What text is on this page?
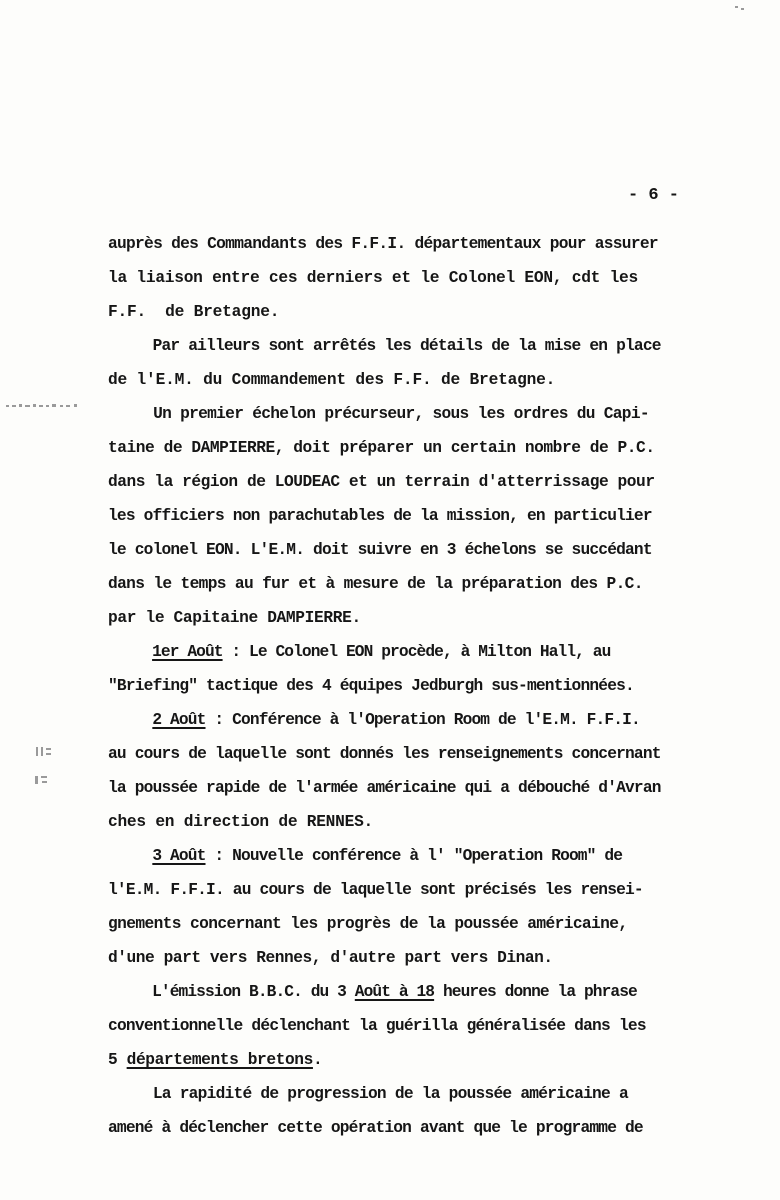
- 6 -
auprès des Commandants des F.F.I. départementaux pour assurer
la liaison entre ces derniers et le Colonel EON, cdt les
F.F.  de Bretagne.
Par ailleurs sont arrêtés les détails de la mise en place
de l'E.M. du Commandement des F.F. de Bretagne.
Un premier échelon précurseur, sous les ordres du Capi-
taine de DAMPIERRE, doit préparer un certain nombre de P.C.
dans la région de LOUDEAC et un terrain d'atterrissage pour
les officiers non parachutables de la mission, en particulier
le colonel EON. L'E.M. doit suivre en 3 échelons se succédant
dans le temps au fur et à mesure de la préparation des P.C.
par le Capitaine DAMPIERRE.
1er Août : Le Colonel EON procède, à Milton Hall, au
"Briefing" tactique des 4 équipes Jedburgh sus-mentionnées.
2 Août : Conférence à l'Operation Room de l'E.M. F.F.I.
au cours de laquelle sont donnés les renseignements concernant
la poussée rapide de l'armée américaine qui a débouché d'Avran
ches en direction de RENNES.
3 Août : Nouvelle conférence à l' "Operation Room" de
l'E.M. F.F.I. au cours de laquelle sont précisés les rensei-
gnements concernant les progrès de la poussée américaine,
d'une part vers Rennes, d'autre part vers Dinan.
L'émission B.B.C. du 3 Août à 18 heures donne la phrase
conventionnelle déclenchant la guérilla généralisée dans les
5 départements bretons.
La rapidité de progression de la poussée américaine a
amené à déclencher cette opération avant que le programme de
